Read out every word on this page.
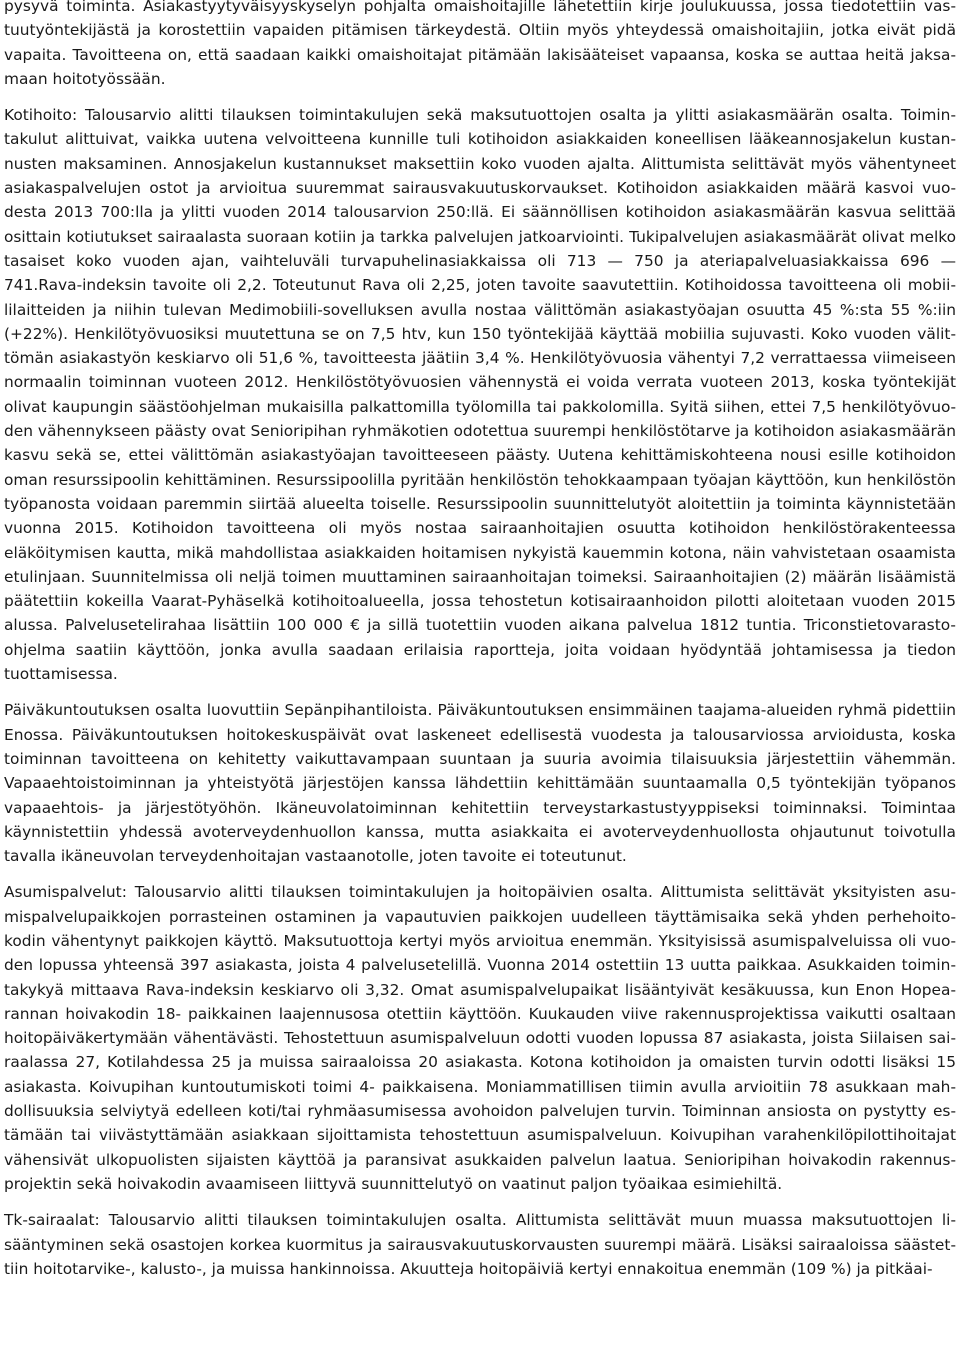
pysyvä toiminta. Asiakastyytyväisyyskyselyn pohjalta omaishoitajille lähetettiin kirje joulukuussa, jossa tiedotettiin vastuutyöntekijästä ja korostettiin vapaiden pitämisen tärkeydestä. Oltiin myös yhteydessä omaishoitajiin, jotka eivät pidä vapaita. Tavoitteena on, että saadaan kaikki omaishoitajat pitämään lakisääteiset vapaansa, koska se auttaa heitä jaksamaan hoitotyössään.

Kotihoito: Talousarvio alitti tilauksen toimintakulujen sekä maksutuottojen osalta ja ylitti asiakasmäärän osalta. Toimintakulut alittuivat, vaikka uutena velvoitteena kunnille tuli kotihoidon asiakkaiden koneellisen lääkeannosjakelun kustannusten maksaminen. Annosjakelun kustannukset maksettiin koko vuoden ajalta. Alittumista selittävät myös vähentyneet asiakaspalvelujen ostot ja arvioitua suuremmat sairausvakuutuskorvaukset. Kotihoidon asiakkaiden määrä kasvoi vuodesta 2013 700:lla ja ylitti vuoden 2014 talousarvion 250:llä. Ei säännöllisen kotihoidon asiakasmäärän kasvua selittää osittain kotiutukset sairaalasta suoraan kotiin ja tarkka palvelujen jatkoarviointi. Tukipalvelujen asiakasmäärät olivat melko tasaiset koko vuoden ajan, vaihteluväli turvapuhelinasiakkaissa oli 713 — 750 ja ateriapalveluasiakkaissa 696 — 741.Rava-indeksin tavoite oli 2,2. Toteutunut Rava oli 2,25, joten tavoite saavutettiin. Kotihoidossa tavoitteena oli mobiililaitteiden ja niihin tulevan Medimobiili-sovelluksen avulla nostaa välittömän asiakastyöajan osuutta 45 %:sta 55 %:iin (+22%). Henkilötyövuosiksi muutettuna se on 7,5 htv, kun 150 työntekijää käyttää mobiilia sujuvasti. Koko vuoden välittömän asiakastyön keskiarvo oli 51,6 %, tavoitteesta jäätiin 3,4 %. Henkilötyövuosia vähentyi 7,2 verrattaessa viimeiseen normaalin toiminnan vuoteen 2012. Henkilöstötyövuosien vähennystä ei voida verrata vuoteen 2013, koska työntekijät olivat kaupungin säästöohjelman mukaisilla palkattomilla työlomilla tai pakkolomilla. Syitä siihen, ettei 7,5 henkilötyövuoden vähennykseen päästy ovat Senioripihan ryhmäkotien odotettua suurempi henkilöstötarve ja kotihoidon asiakasmäärän kasvu sekä se, ettei välittömän asiakastyöajan tavoitteeseen päästy. Uutena kehittämiskohteena nousi esille kotihoidon oman resurssipoolin kehittäminen. Resurssipoolilla pyritään henkilöstön tehokkaampaan työajan käyttöön, kun henkilöstön työpanosta voidaan paremmin siirtää alueelta toiselle. Resurssipoolin suunnittelutyöt aloitettiin ja toiminta käynnistetään vuonna 2015. Kotihoidon tavoitteena oli myös nostaa sairaanhoitajien osuutta kotihoidon henkilöstörakenteessa eläköitymisen kautta, mikä mahdollistaa asiakkaiden hoitamisen nykyistä kauemmin kotona, näin vahvistetaan osaamista etulinjaan. Suunnitelmissa oli neljä toimen muuttaminen sairaanhoitajan toimeksi. Sairaanhoitajien (2) määrän lisäämistä päätettiin kokeilla Vaarat-Pyhäselkä kotihoitoalueella, jossa tehostetun kotisairaanhoidon pilotti aloitetaan vuoden 2015 alussa. Palvelusetelirahaa lisättiin 100 000 € ja sillä tuotettiin vuoden aikana palvelua 1812 tuntia. Triconstietovarasto-ohjelma saatiin käyttöön, jonka avulla saadaan erilaisia raportteja, joita voidaan hyödyntää johtamisessa ja tiedon tuottamisessa.

Päiväkuntoutuksen osalta luovuttiin Sepänpihantiloista. Päiväkuntoutuksen ensimmäinen taajama-alueiden ryhmä pidettiin Enossa. Päiväkuntoutuksen hoitokeskuspäivät ovat laskeneet edellisestä vuodesta ja talousarviossa arvioidusta, koska toiminnan tavoitteena on kehitetty vaikuttavampaan suuntaan ja suuria avoimia tilaisuuksia järjestettiin vähemmän. Vapaaehtoistoiminnan ja yhteistyötä järjestöjen kanssa lähdettiin kehittämään suuntaamalla 0,5 työntekijän työpanos vapaaehtois- ja järjestötyöhön. Ikäneuvolatoiminnan kehitettiin terveystarkastustyyppiseksi toiminnaksi. Toimintaa käynnistettiin yhdessä avoterveydenhuollon kanssa, mutta asiakkaita ei avoterveydenhuollosta ohjautunut toivotulla tavalla ikäneuvolan terveydenhoitajan vastaanotolle, joten tavoite ei toteutunut.

Asumispalvelut: Talousarvio alitti tilauksen toimintakulujen ja hoitopäivien osalta. Alittumista selittävät yksityisten asumispalvelupaikkojen porrasteinen ostaminen ja vapautuvien paikkojen uudelleen täyttämisaika sekä yhden perhehoitokodin vähentynyt paikkojen käyttö. Maksutuottoja kertyi myös arvioitua enemmän. Yksityisissä asumispalveluissa oli vuoden lopussa yhteensä 397 asiakasta, joista 4 palvelusetelillä. Vuonna 2014 ostettiin 13 uutta paikkaa. Asukkaiden toimintakykyä mittaava Rava-indeksin keskiarvo oli 3,32. Omat asumispalvelupaikat lisääntyivät kesäkuussa, kun Enon Hopearannan hoivakodin 18- paikkainen laajennusosa otettiin käyttöön. Kuukauden viive rakennusprojektissa vaikutti osaltaan hoitopäiväkertymään vähentävästi. Tehostettuun asumispalveluun odotti vuoden lopussa 87 asiakasta, joista Siilaisen sairaalassa 27, Kotilahdessa 25 ja muissa sairaaloissa 20 asiakasta. Kotona kotihoidon ja omaisten turvin odotti lisäksi 15 asiakasta. Koivupihan kuntoutumiskoti toimi 4- paikkaisena. Moniammatillisen tiimin avulla arvioitiin 78 asukkaan mahdollisuuksia selviytyä edelleen koti/tai ryhmäasumisessa avohoidon palvelujen turvin. Toiminnan ansiosta on pystytty estämään tai viivästyttämään asiakkaan sijoittamista tehostettuun asumispalveluun. Koivupihan varahenkilöpilottihoitajat vähensivät ulkopuolisten sijaisten käyttöä ja paransivat asukkaiden palvelun laatua. Senioripihan hoivakodin rakennusprojektin sekä hoivakodin avaamiseen liittyvä suunnittelutyö on vaatinut paljon työaikaa esimiehiltä.

Tk-sairaalat: Talousarvio alitti tilauksen toimintakulujen osalta. Alittumista selittävät muun muassa maksutuottojen lisääntyminen sekä osastojen korkea kuormitus ja sairausvakuutuskorvausten suurempi määrä. Lisäksi sairaaloissa säästettiin hoitotarvike-, kalusto-, ja muissa hankinnoissa. Akuutteja hoitopäiviä kertyi ennakoitua enemmän (109 %) ja pitkäai-
